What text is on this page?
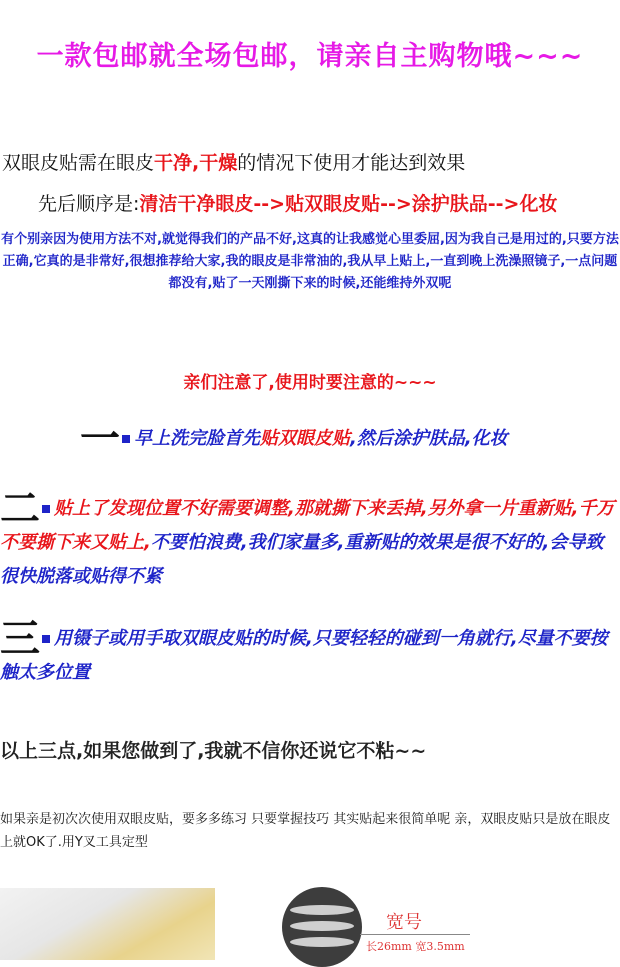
一款包邮就全场包邮，请亲自主购物哦~~~
双眼皮贴需在眼皮干净,干燥的情况下使用才能达到效果
先后顺序是:清洁干净眼皮-->贴双眼皮贴-->涂护肤品-->化妆
有个别亲因为使用方法不对,就觉得我们的产品不好,这真的让我感觉心里委屈,因为我自己是用过的,只要方法正确,它真的是非常好,很想推荐给大家,我的眼皮是非常油的,我从早上贴上,一直到晚上洗澡照镜子,一点问题都没有,贴了一天刚撕下来的时候,还能维持外双呢
亲们注意了,使用时要注意的~~~
一早上洗完脸首先贴双眼皮贴,然后涂护肤品,化妆
二贴上了发现位置不好需要调整,那就撕下来丢掉,另外拿一片重新贴,千万不要撕下来又贴上,不要怕浪费,我们家量多,重新贴的效果是很不好的,会导致很快脱落或贴得不紧
三用镊子或用手取双眼皮贴的时候,只要轻轻的碰到一角就行,尽量不要按触太多位置
以上三点,如果您做到了,我就不信你还说它不粘~~
如果亲是初次次使用双眼皮贴，要多多练习 只要掌握技巧 其实贴起来很简单呢 亲，双眼皮贴只是放在眼皮上就OK了.用Y叉工具定型
宽号
长26mm 宽3.5mm
